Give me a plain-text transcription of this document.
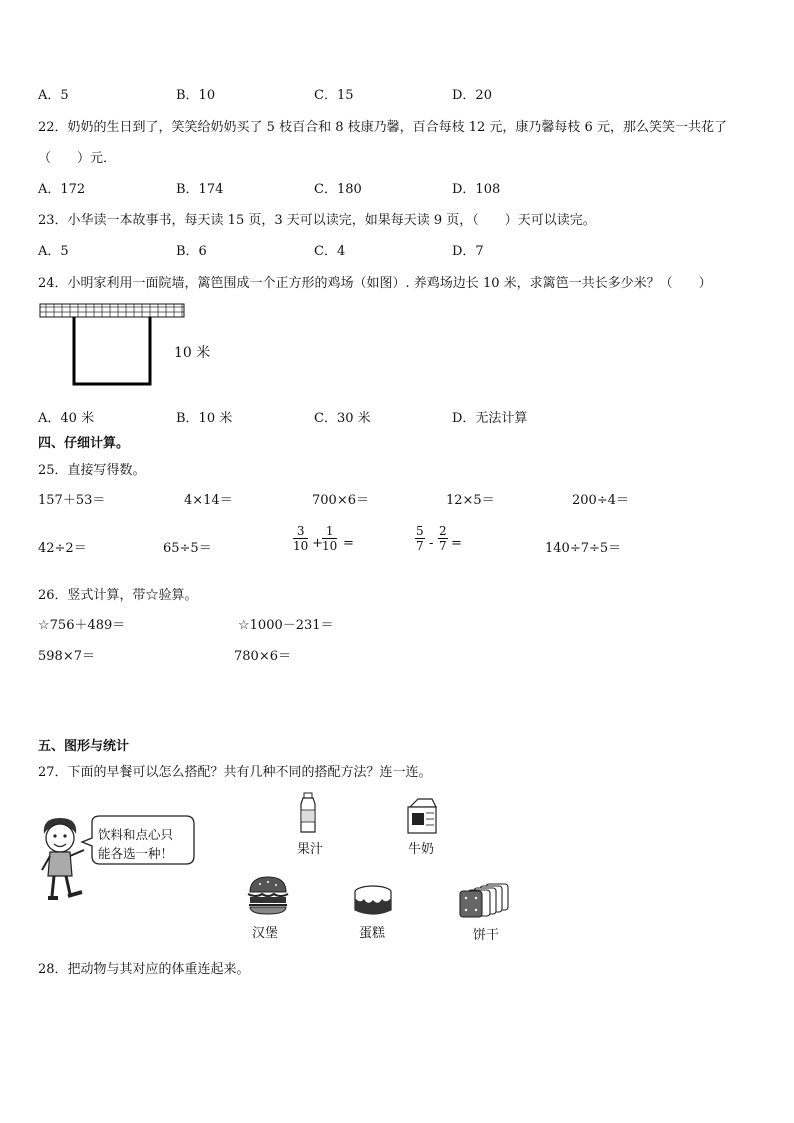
A．5	B．10	C．15	D．20
22．奶奶的生日到了，笑笑给奶奶买了 5 枝百合和 8 枝康乃馨，百合每枝 12 元，康乃馨每枝 6 元，那么笑笑一共花了
（　　）元．
A．172	B．174	C．180	D．108
23．小华读一本故事书，每天读 15 页，3 天可以读完，如果每天读 9 页，（　　）天可以读完。
A．5	B．6	C．4	D．7
24．小明家利用一面院墙，篱笆围成一个正方形的鸡场（如图）. 养鸡场边长 10 米，求篱笆一共长多少米？（　　）
10 米
A．40 米	B．10 米	C．30 米	D．无法计算
四、仔细计算。
25．直接写得数。
157＋53＝	4×14＝	700×6＝	12×5＝	200÷4＝
42÷2＝	65÷5＝	$\frac{3}{10} + \frac{1}{10}$ =	$\frac{5}{7} - \frac{2}{7}$ =	140÷7÷5＝
26．竖式计算，带☆验算。
☆756＋489＝	☆1000－231＝
598×7＝	780×6＝
五、图形与统计
27．下面的早餐可以怎么搭配？共有几种不同的搭配方法？连一连。
饮料和点心只
能各选一种！	果汁	牛奶
汉堡	蛋糕	饼干
28．把动物与其对应的体重连起来。
